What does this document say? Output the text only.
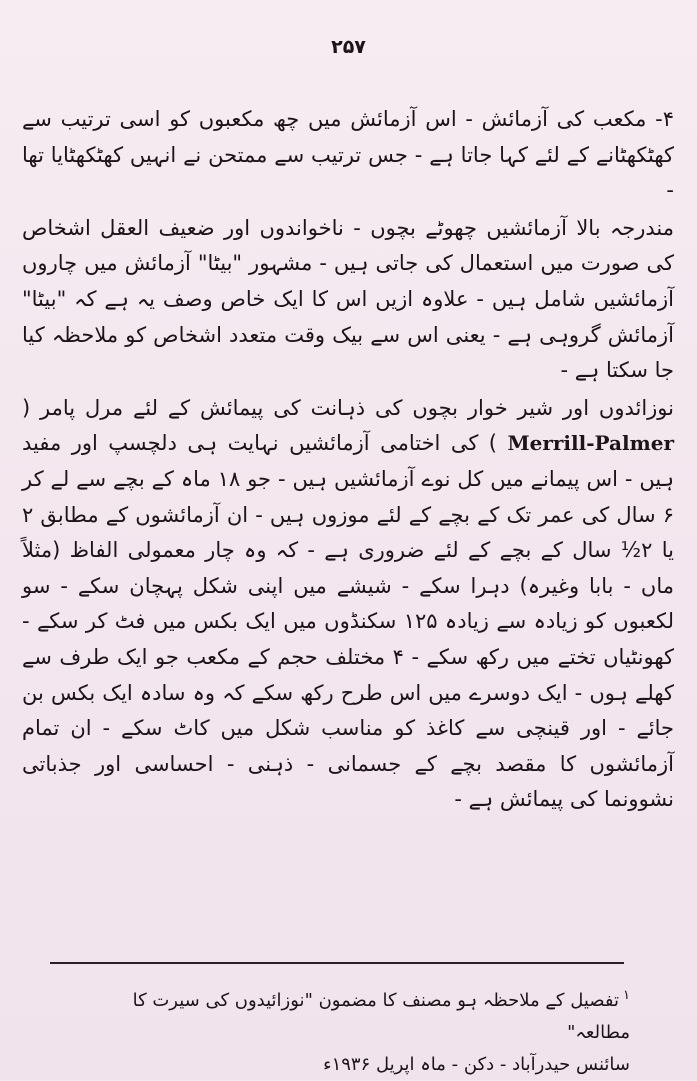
۲۵۷

۴- مکعب کی آزمائش - اس آزمائش میں چھ مکعبوں کو اسی ترتیب سے کھٹکھٹانے کے لئے کہا جاتا ہے - جس ترتیب سے ممتحن نے انہیں کھٹکھٹایا تھا -

مندرجہ بالا آزمائشیں چھوٹے بچوں - ناخواندوں اور ضعیف العقل اشخاص کی صورت میں استعمال کی جاتی ہیں - مشہور "بیٹا" آزمائش میں چاروں آزمائشیں شامل ہیں - علاوہ ازیں اس کا ایک خاص وصف یہ ہے کہ "بیٹا" آزمائش گروہی ہے - یعنی اس سے بیک وقت متعدد اشخاص کو ملاحظہ کیا جا سکتا ہے -

نوزائدوں اور شیر خوار بچوں کی ذہانت کی پیمائش کے لئے مرل پامر ( Merrill-Palmer ) کی اختامی آزمائشیں نہایت ہی دلچسپ اور مفید ہیں - اس پیمانے میں کل نوے آزمائشیں ہیں - جو ۱۸ ماہ کے بچے سے لے کر ۶ سال کی عمر تک کے بچے کے لئے موزوں ہیں - ان آزمائشوں کے مطابق ۲ یا ۲½ سال کے بچے کے لئے ضروری ہے - کہ وہ چار معمولی الفاظ (مثلاً ماں - بابا وغیرہ) دہرا سکے - شیشے میں اپنی شکل پہچان سکے - سو لکعبوں کو زیادہ سے زیادہ ۱۲۵ سکنڈوں میں ایک بکس میں فٹ کر سکے - کھونٹیاں تختے میں رکھ سکے - ۴ مختلف حجم کے مکعب جو ایک طرف سے کھلے ہوں - ایک دوسرے میں اس طرح رکھ سکے کہ وہ سادہ ایک بکس بن جائے - اور قینچی سے کاغذ کو مناسب شکل میں کاٹ سکے - ان تمام آزمائشوں کا مقصد بچے کے جسمانی - ذہنی - احساسی اور جذباتی نشوونما کی پیمائش ہے -

$^۱$تفصیل کے ملاحظہ ہو مصنف کا مضمون "نوزائیدوں کی سیرت کا مطالعہ"
سائنس حیدرآباد - دکن - ماہ اپریل ۱۹۳۶ء
